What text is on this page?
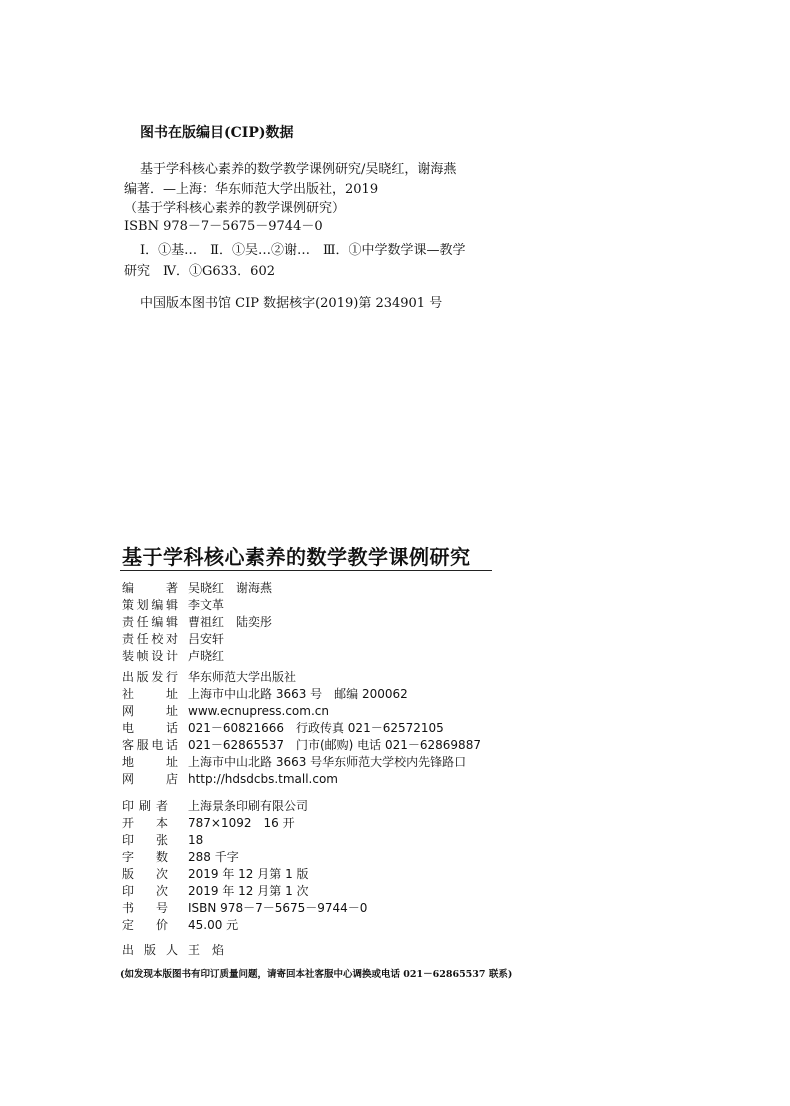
图书在版编目(CIP)数据
基于学科核心素养的数学教学课例研究/吴晓红，谢海燕
编著．—上海：华东师范大学出版社，2019
（基于学科核心素养的教学课例研究）
ISBN 978－7－5675－9744－0
Ⅰ．①基…　Ⅱ．①吴…②谢…　Ⅲ．①中学数学课—教学
研究　Ⅳ．①G633．602
中国版本图书馆 CIP 数据核字(2019)第 234901 号
基于学科核心素养的数学教学课例研究
编　著 吴晓红　谢海燕
策划编辑 李文革
责任编辑 曹祖红　陆奕彤
责任校对 吕安轩
装帧设计 卢晓红
出版发行 华东师范大学出版社
社　址 上海市中山北路 3663 号　邮编 200062
网　址 www.ecnupress.com.cn
电　话 021－60821666　行政传真 021－62572105
客服电话 021－62865537　门市(邮购) 电话 021－62869887
地　址 上海市中山北路 3663 号华东师范大学校内先锋路口
网　店 http://hdsdcbs.tmall.com
印刷者 上海景条印刷有限公司
开　本 787×1092　16 开
印　张 18
字　数 288 千字
版　次 2019 年 12 月第 1 版
印　次 2019 年 12 月第 1 次
书　号 ISBN 978－7－5675－9744－0
定　价 45.00 元
出版人 王　焰
(如发现本版图书有印订质量问题，请寄回本社客服中心调换或电话 021－62865537 联系)
